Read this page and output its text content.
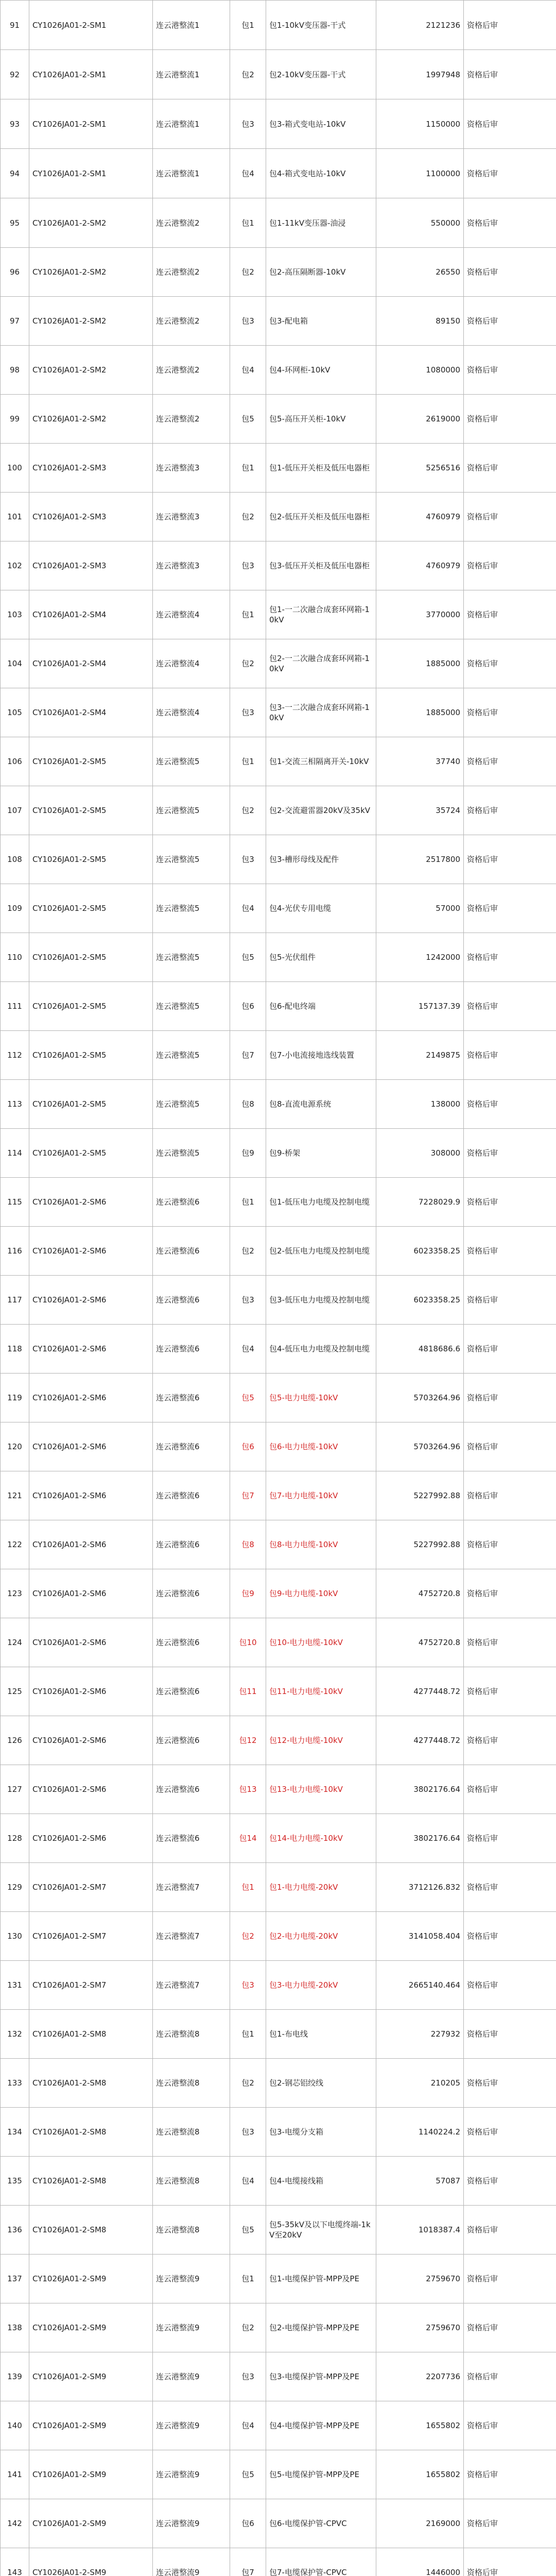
91	CY1026JA01-2-SM1	连云港整流1	包1	包1-10kV变压器-干式	2121236	资格后审
92	CY1026JA01-2-SM1	连云港整流1	包2	包2-10kV变压器-干式	1997948	资格后审
93	CY1026JA01-2-SM1	连云港整流1	包3	包3-箱式变电站-10kV	1150000	资格后审
94	CY1026JA01-2-SM1	连云港整流1	包4	包4-箱式变电站-10kV	1100000	资格后审
95	CY1026JA01-2-SM2	连云港整流2	包1	包1-11kV变压器-油浸	550000	资格后审
96	CY1026JA01-2-SM2	连云港整流2	包2	包2-高压隔断器-10kV	26550	资格后审
97	CY1026JA01-2-SM2	连云港整流2	包3	包3-配电箱	89150	资格后审
98	CY1026JA01-2-SM2	连云港整流2	包4	包4-环网柜-10kV	1080000	资格后审
99	CY1026JA01-2-SM2	连云港整流2	包5	包5-高压开关柜-10kV	2619000	资格后审
100	CY1026JA01-2-SM3	连云港整流3	包1	包1-低压开关柜及低压电器柜	5256516	资格后审
101	CY1026JA01-2-SM3	连云港整流3	包2	包2-低压开关柜及低压电器柜	4760979	资格后审
102	CY1026JA01-2-SM3	连云港整流3	包3	包3-低压开关柜及低压电器柜	4760979	资格后审
103	CY1026JA01-2-SM4	连云港整流4	包1	包1-一二次融合成套环网箱-10kV	3770000	资格后审
104	CY1026JA01-2-SM4	连云港整流4	包2	包2-一二次融合成套环网箱-10kV	1885000	资格后审
105	CY1026JA01-2-SM4	连云港整流4	包3	包3-一二次融合成套环网箱-10kV	1885000	资格后审
106	CY1026JA01-2-SM5	连云港整流5	包1	包1-交流三相隔离开关-10kV	37740	资格后审
107	CY1026JA01-2-SM5	连云港整流5	包2	包2-交流避雷器20kV及35kV	35724	资格后审
108	CY1026JA01-2-SM5	连云港整流5	包3	包3-槽形母线及配件	2517800	资格后审
109	CY1026JA01-2-SM5	连云港整流5	包4	包4-光伏专用电缆	57000	资格后审
110	CY1026JA01-2-SM5	连云港整流5	包5	包5-光伏组件	1242000	资格后审
111	CY1026JA01-2-SM5	连云港整流5	包6	包6-配电终端	157137.39	资格后审
112	CY1026JA01-2-SM5	连云港整流5	包7	包7-小电流接地选线装置	2149875	资格后审
113	CY1026JA01-2-SM5	连云港整流5	包8	包8-直流电源系统	138000	资格后审
114	CY1026JA01-2-SM5	连云港整流5	包9	包9-桥架	308000	资格后审
115	CY1026JA01-2-SM6	连云港整流6	包1	包1-低压电力电缆及控制电缆	7228029.9	资格后审
116	CY1026JA01-2-SM6	连云港整流6	包2	包2-低压电力电缆及控制电缆	6023358.25	资格后审
117	CY1026JA01-2-SM6	连云港整流6	包3	包3-低压电力电缆及控制电缆	6023358.25	资格后审
118	CY1026JA01-2-SM6	连云港整流6	包4	包4-低压电力电缆及控制电缆	4818686.6	资格后审
119	CY1026JA01-2-SM6	连云港整流6	包5	包5-电力电缆-10kV	5703264.96	资格后审
120	CY1026JA01-2-SM6	连云港整流6	包6	包6-电力电缆-10kV	5703264.96	资格后审
121	CY1026JA01-2-SM6	连云港整流6	包7	包7-电力电缆-10kV	5227992.88	资格后审
122	CY1026JA01-2-SM6	连云港整流6	包8	包8-电力电缆-10kV	5227992.88	资格后审
123	CY1026JA01-2-SM6	连云港整流6	包9	包9-电力电缆-10kV	4752720.8	资格后审
124	CY1026JA01-2-SM6	连云港整流6	包10	包10-电力电缆-10kV	4752720.8	资格后审
125	CY1026JA01-2-SM6	连云港整流6	包11	包11-电力电缆-10kV	4277448.72	资格后审
126	CY1026JA01-2-SM6	连云港整流6	包12	包12-电力电缆-10kV	4277448.72	资格后审
127	CY1026JA01-2-SM6	连云港整流6	包13	包13-电力电缆-10kV	3802176.64	资格后审
128	CY1026JA01-2-SM6	连云港整流6	包14	包14-电力电缆-10kV	3802176.64	资格后审
129	CY1026JA01-2-SM7	连云港整流7	包1	包1-电力电缆-20kV	3712126.832	资格后审
130	CY1026JA01-2-SM7	连云港整流7	包2	包2-电力电缆-20kV	3141058.404	资格后审
131	CY1026JA01-2-SM7	连云港整流7	包3	包3-电力电缆-20kV	2665140.464	资格后审
132	CY1026JA01-2-SM8	连云港整流8	包1	包1-布电线	227932	资格后审
133	CY1026JA01-2-SM8	连云港整流8	包2	包2-钢芯铝绞线	210205	资格后审
134	CY1026JA01-2-SM8	连云港整流8	包3	包3-电缆分支箱	1140224.2	资格后审
135	CY1026JA01-2-SM8	连云港整流8	包4	包4-电缆接线箱	57087	资格后审
136	CY1026JA01-2-SM8	连云港整流8	包5	包5-35kV及以下电缆终端-1kV至20kV	1018387.4	资格后审
137	CY1026JA01-2-SM9	连云港整流9	包1	包1-电缆保护管-MPP及PE	2759670	资格后审
138	CY1026JA01-2-SM9	连云港整流9	包2	包2-电缆保护管-MPP及PE	2759670	资格后审
139	CY1026JA01-2-SM9	连云港整流9	包3	包3-电缆保护管-MPP及PE	2207736	资格后审
140	CY1026JA01-2-SM9	连云港整流9	包4	包4-电缆保护管-MPP及PE	1655802	资格后审
141	CY1026JA01-2-SM9	连云港整流9	包5	包5-电缆保护管-MPP及PE	1655802	资格后审
142	CY1026JA01-2-SM9	连云港整流9	包6	包6-电缆保护管-CPVC	2169000	资格后审
143	CY1026JA01-2-SM9	连云港整流9	包7	包7-电缆保护管-CPVC	1446000	资格后审
